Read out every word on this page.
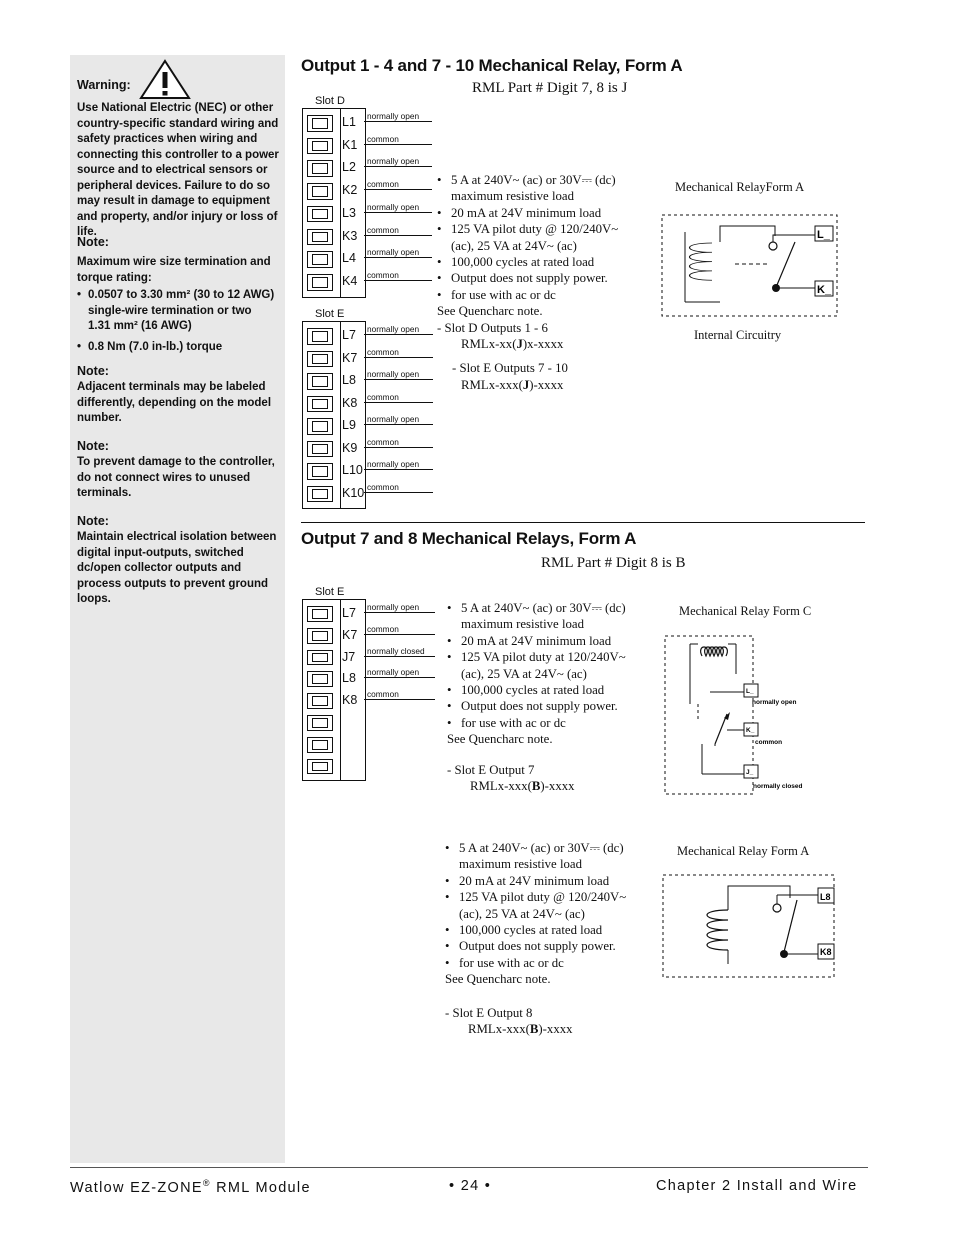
Warning:
Use National Electric (NEC) or other country-specific standard wiring and safety practices when wiring and connecting this controller to a power source and to electrical sensors or peripheral devices. Failure to do so may result in damage to equipment and property, and/or injury or loss of life.
Note:
Maximum wire size termination and torque rating:
• 0.0507 to 3.30 mm² (30 to 12 AWG) single-wire termination or two 1.31 mm² (16 AWG)
• 0.8 Nm (7.0 in-lb.) torque
Note:
Adjacent terminals may be labeled differently, depending on the model number.
Note:
To prevent damage to the controller, do not connect wires to unused terminals.
Note:
Maintain electrical isolation between digital input-outputs, switched dc/open collector outputs and process outputs to prevent ground loops.
Output 1 - 4 and 7 - 10 Mechanical Relay, Form A
RML Part # Digit 7, 8 is J
Slot D
L1
K1
L2
K2
L3
K3
L4
K4
normally open
common
normally open
common
normally open
common
normally open
common
Slot E
L7
K7
L8
K8
L9
K9
L10
K10
normally open
common
normally open
common
normally open
common
normally open
common
• 5 A at 240V~ (ac) or 30V⎓ (dc)
maximum resistive load
• 20 mA at 24V minimum load
• 125 VA pilot duty @ 120/240V~
(ac), 25 VA at 24V~ (ac)
• 100,000 cycles at rated load
• Output does not supply power.
• for use with ac or dc
See Quencharc note.
- Slot D Outputs 1 - 6
RMLx-xx(J)x-xxxx
- Slot E Outputs 7 - 10
RMLx-xxx(J)-xxxx
Mechanical RelayForm A
L_
K_
Internal Circuitry
Output 7 and 8 Mechanical Relays, Form A
RML Part # Digit 8 is B
Slot E
L7
K7
J7
L8
K8
normally open
common
normally closed
normally open
common
• 5 A at 240V~ (ac) or 30V⎓ (dc)
maximum resistive load
• 20 mA at 24V minimum load
• 125 VA pilot duty at 120/240V~
(ac), 25 VA at 24V~ (ac)
• 100,000 cycles at rated load
• Output does not supply power.
• for use with ac or dc
See Quencharc note.
- Slot E Output 7
RMLx-xxx(B)-xxxx
Mechanical Relay Form C
L_
K_
J_
normally open
common
normally closed
• 5 A at 240V~ (ac) or 30V⎓ (dc)
maximum resistive load
• 20 mA at 24V minimum load
• 125 VA pilot duty @ 120/240V~
(ac), 25 VA at 24V~ (ac)
• 100,000 cycles at rated load
• Output does not supply power.
• for use with ac or dc
See Quencharc note.
- Slot E Output 8
RMLx-xxx(B)-xxxx
Mechanical Relay Form A
L8
K8
Watlow EZ-ZONE® RML Module	• 24 •	Chapter 2 Install and Wire
